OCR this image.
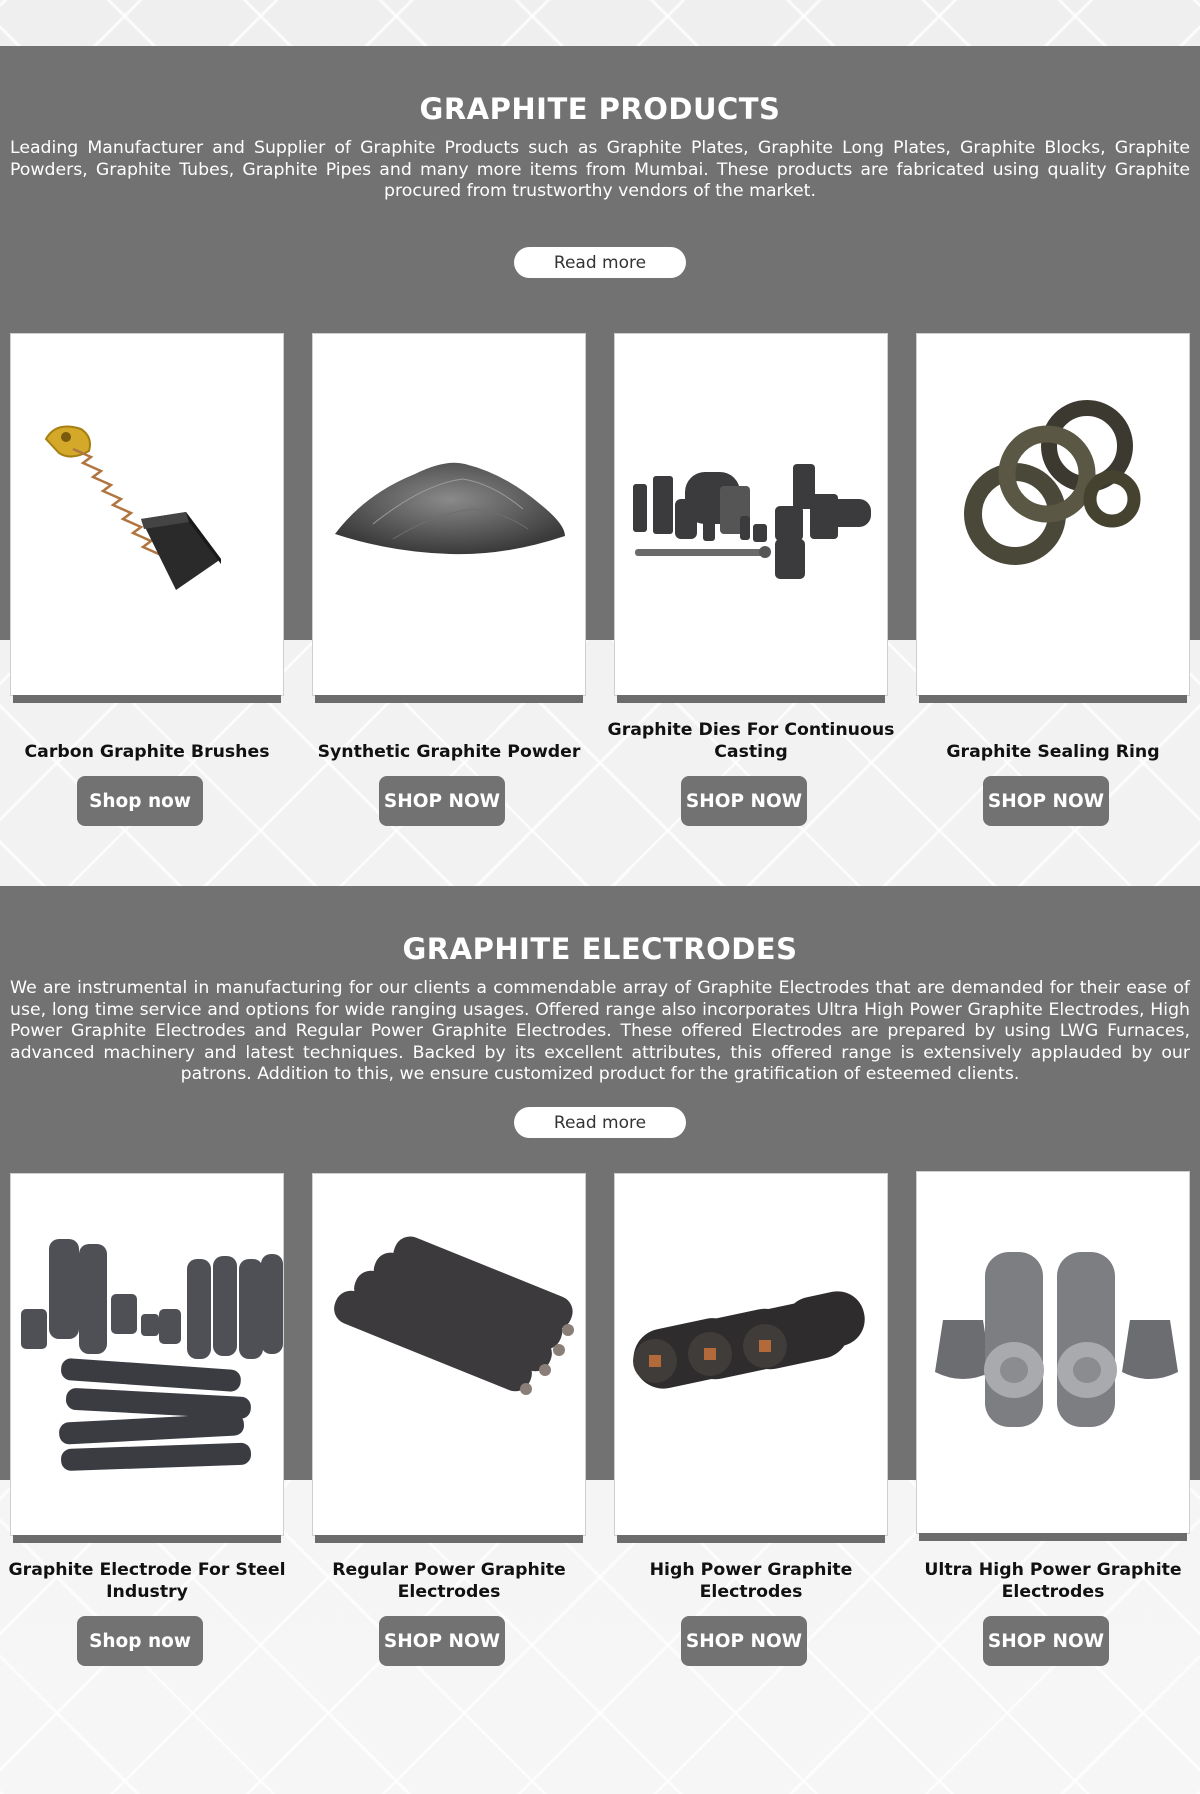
GRAPHITE PRODUCTS

Leading Manufacturer and Supplier of Graphite Products such as Graphite Plates, Graphite Long Plates, Graphite Blocks, Graphite Powders, Graphite Tubes, Graphite Pipes and many more items from Mumbai. These products are fabricated using quality Graphite procured from trustworthy vendors of the market.

Read more
Carbon Graphite Brushes
Shop now
Synthetic Graphite Powder
SHOP NOW
Graphite Dies For Continuous Casting
SHOP NOW
Graphite Sealing Ring
SHOP NOW
GRAPHITE ELECTRODES

We are instrumental in manufacturing for our clients a commendable array of Graphite Electrodes that are demanded for their ease of use, long time service and options for wide ranging usages. Offered range also incorporates Ultra High Power Graphite Electrodes, High Power Graphite Electrodes and Regular Power Graphite Electrodes. These offered Electrodes are prepared by using LWG Furnaces, advanced machinery and latest techniques. Backed by its excellent attributes, this offered range is extensively applauded by our patrons. Addition to this, we ensure customized product for the gratification of esteemed clients.

Read more
Graphite Electrode For Steel Industry
Shop now
Regular Power Graphite Electrodes
SHOP NOW
High Power Graphite Electrodes
SHOP NOW
Ultra High Power Graphite Electrodes
SHOP NOW
